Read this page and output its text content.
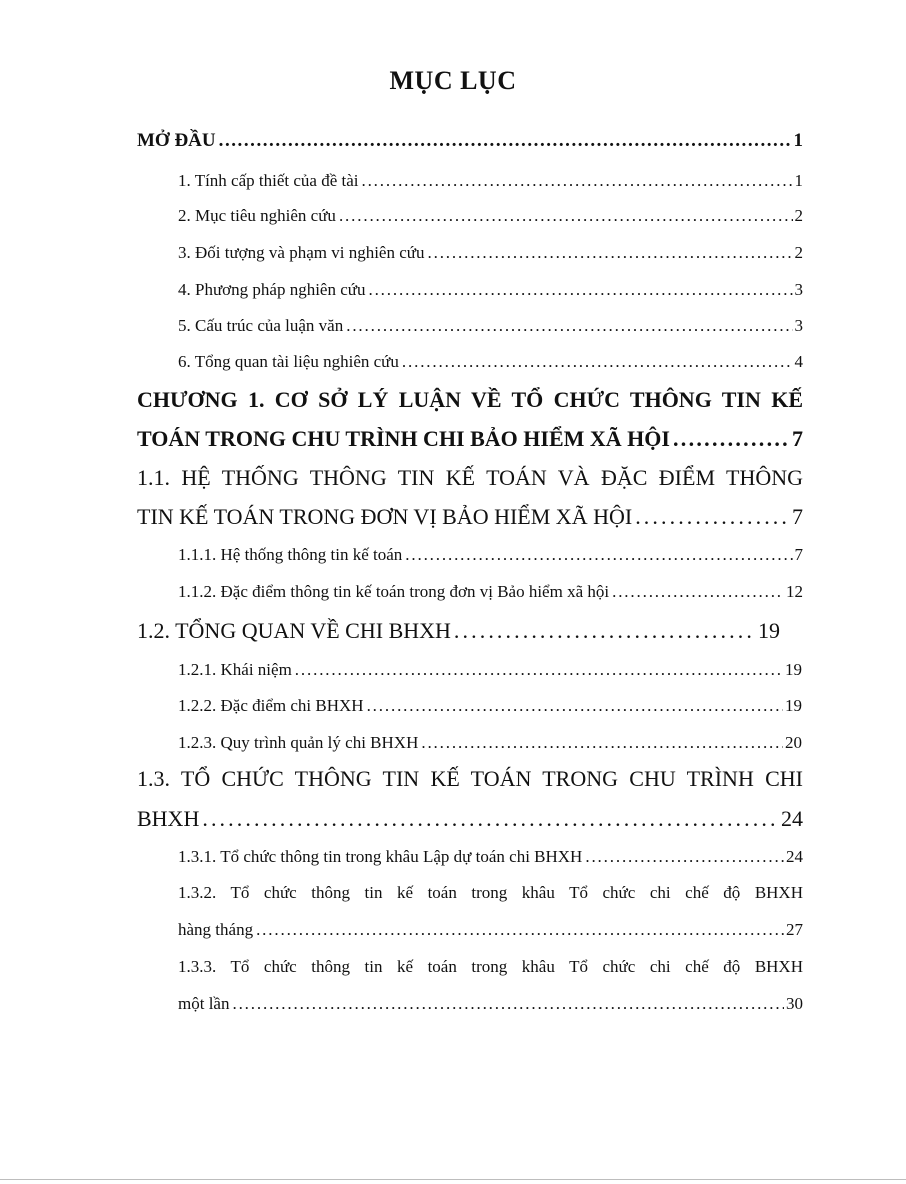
MỤC LỤC
MỞ ĐẦU . . .	1
1. Tính cấp thiết của đề tài . . .	1
2. Mục tiêu nghiên cứu . . .	2
3. Đối tượng và phạm vi nghiên cứu . . .	2
4. Phương pháp nghiên cứu . . .	3
5. Cấu trúc của luận văn . . .	3
6. Tổng quan tài liệu nghiên cứu . . .	4
CHƯƠNG 1. CƠ SỞ LÝ LUẬN VỀ TỔ CHỨC THÔNG TIN KẾ
TOÁN TRONG CHU TRÌNH CHI BẢO HIỂM XÃ HỘI . . .	7
1.1. HỆ THỐNG THÔNG TIN KẾ TOÁN VÀ ĐẶC ĐIỂM THÔNG
TIN KẾ TOÁN TRONG ĐƠN VỊ BẢO HIỂM XÃ HỘI . . .	7
1.1.1. Hệ thống thông tin kế toán . . .	7
1.1.2. Đặc điểm thông tin kế toán trong đơn vị Bảo hiểm xã hội . . .	12
1.2. TỔNG QUAN VỀ CHI BHXH . . .	19
1.2.1. Khái niệm . . .	19
1.2.2. Đặc điểm chi BHXH . . .	19
1.2.3. Quy trình quản lý chi BHXH . . .	20
1.3. TỔ CHỨC THÔNG TIN KẾ TOÁN TRONG CHU TRÌNH CHI
BHXH . . .	24
1.3.1. Tổ chức thông tin trong khâu Lập dự toán chi BHXH . . .	24
1.3.2. Tổ chức thông tin kế toán trong khâu Tổ chức chi chế độ BHXH
hàng tháng . . .	27
1.3.3. Tổ chức thông tin kế toán trong khâu Tổ chức chi chế độ BHXH
một lần . . .	30
